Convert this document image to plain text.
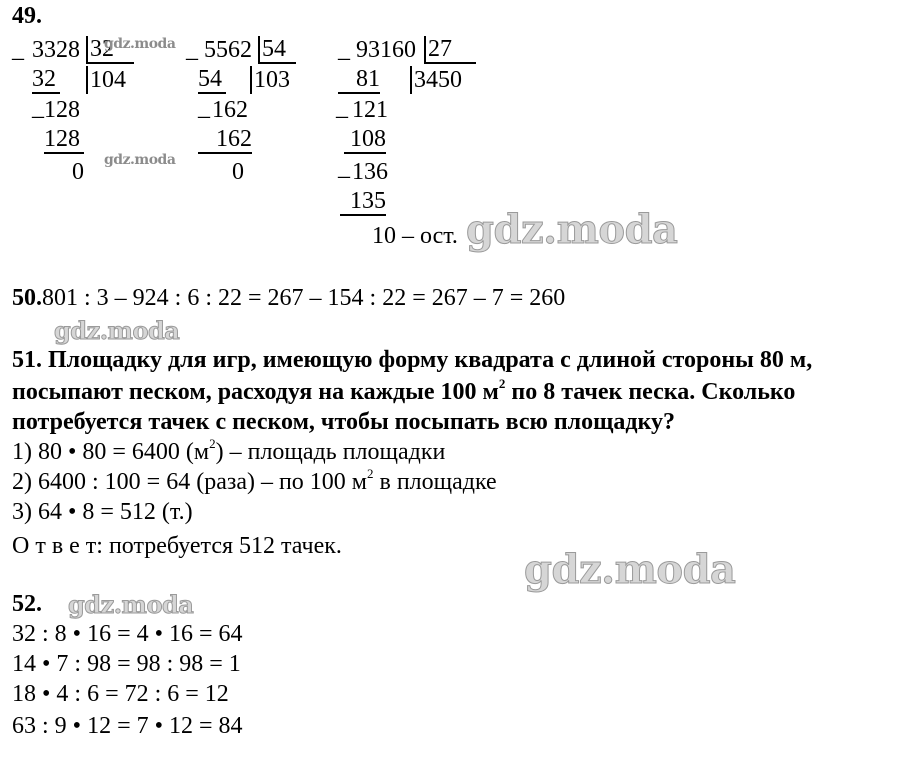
49.
_ 3328 32
32 104
_ 128
128
0
_ 5562 54
54 103
_ 162
162
0
_ 93160 27
81 3450
_ 121
108
_ 136
135
10 – ост.
50.801 : 3 – 924 : 6 : 22 = 267 – 154 : 22 = 267 – 7 = 260
51. Площадку для игр, имеющую форму квадрата с длиной стороны 80 м,
посыпают песком, расходуя на каждые 100 $м^2$ по 8 тачек песка. Сколько
потребуется тачек с песком, чтобы посыпать всю площадку?
1) 80 • 80 = 6400 $(м^2)$ – площадь площадки
2) 6400 : 100 = 64 (раза) – по 100 $м^2$ в площадке
3) 64 • 8 = 512 (т.)
О т в е т: потребуется 512 тачек.
52.
32 : 8 • 16 = 4 • 16 = 64
14 • 7 : 98 = 98 : 98 = 1
18 • 4 : 6 = 72 : 6 = 12
63 : 9 • 12 = 7 • 12 = 84
gdz.moda
gdz.moda
gdz.moda
gdz.moda
gdz.moda
gdz.moda
